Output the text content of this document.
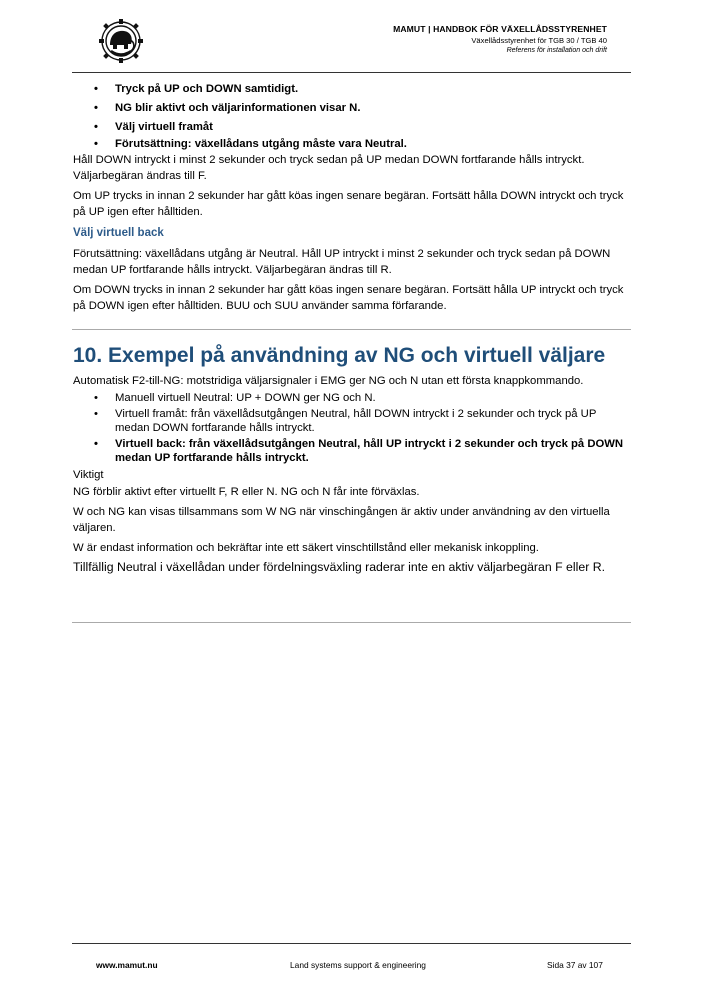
MAMUT | HANDBOK FÖR VÄXELLÅDSSTYRENHET
Växellådsstyrenhet för TGB 30 / TGB 40
Referens för installation och drift
• Tryck på UP och DOWN samtidigt.
• NG blir aktivt och väljarinformationen visar N.
• Välj virtuell framåt
• Förutsättning: växellådans utgång måste vara Neutral.

Håll DOWN intryckt i minst 2 sekunder och tryck sedan på UP medan DOWN fortfarande hålls intryckt. Väljarbegäran ändras till F.

Om UP trycks in innan 2 sekunder har gått köas ingen senare begäran. Fortsätt hålla DOWN intryckt och tryck på UP igen efter hålltiden.

Välj virtuell back

Förutsättning: växellådans utgång är Neutral. Håll UP intryckt i minst 2 sekunder och tryck sedan på DOWN medan UP fortfarande hålls intryckt. Väljarbegäran ändras till R.

Om DOWN trycks in innan 2 sekunder har gått köas ingen senare begäran. Fortsätt hålla UP intryckt och tryck på DOWN igen efter hålltiden. BUU och SUU använder samma förfarande.

10. Exempel på användning av NG och virtuell väljare

Automatisk F2-till-NG: motstridiga väljarsignaler i EMG ger NG och N utan ett första knappkommando.

• Manuell virtuell Neutral: UP + DOWN ger NG och N.
• Virtuell framåt: från växellådsutgången Neutral, håll DOWN intryckt i 2 sekunder och tryck på UP medan DOWN fortfarande hålls intryckt.
• Virtuell back: från växellådsutgången Neutral, håll UP intryckt i 2 sekunder och tryck på DOWN medan UP fortfarande hålls intryckt.

Viktigt

NG förblir aktivt efter virtuellt F, R eller N. NG och N får inte förväxlas.

W och NG kan visas tillsammans som W NG när vinschingången är aktiv under användning av den virtuella väljaren.

W är endast information och bekräftar inte ett säkert vinschtillstånd eller mekanisk inkoppling.

Tillfällig Neutral i växellådan under fördelningsväxling raderar inte en aktiv väljarbegäran F eller R.

www.mamut.nu	Land systems support & engineering	Sida 37 av 107
